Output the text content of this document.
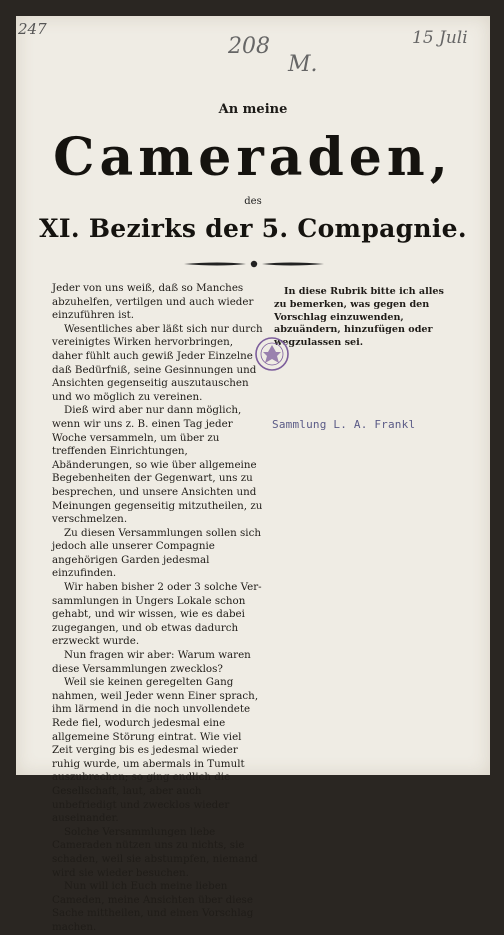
247
208
M.
15 Juli
An meine
Cameraden,
des
XI. Bezirks der 5. Compagnie.

Jeder von uns weiß, daß so Manches abzuhelfen, vertilgen und auch wieder einzuführen ist.

Wesentliches aber läßt sich nur durch vereinigtes Wirken hervorbringen, daher fühlt auch gewiß Jeder Einzelne daß Bedürfniß, seine Gesinnungen und Ansichten gegenseitig auszutauschen und wo möglich zu vereinen.

Dieß wird aber nur dann möglich, wenn wir uns z. B. einen Tag jeder Woche versammeln, um über zu treffenden Einrichtungen, Abänderungen, so wie über allgemeine Begebenheiten der Gegenwart, uns zu besprechen, und unsere Ansichten und Meinungen gegenseitig mitzutheilen, zu verschmelzen.

Zu diesen Versammlungen sollen sich jedoch alle unserer Compagnie angehörigen Garden jedesmal einzufinden.

Wir haben bisher 2 oder 3 solche Versammlungen in Ungers Lokale schon gehabt, und wir wissen, wie es dabei zugegangen, und ob etwas dadurch erzweckt wurde.

Nun fragen wir aber: Warum waren diese Versammlungen zwecklos?

Weil sie keinen geregelten Gang nahmen, weil Jeder wenn Einer sprach, ihm lärmend in die noch unvollendete Rede fiel, wodurch jedesmal eine allgemeine Störung eintrat. Wie viel Zeit verging bis es jedesmal wieder ruhig wurde, um abermals in Tumult auszubrechen; so ging endlich die Gesellschaft, laut, aber auch unbefriedigt und zwecklos wieder auseinander.

Solche Versammlungen liebe Cameraden nützen uns zu nichts, sie schaden, weil sie abstumpfen, niemand wird sie wieder besuchen.

Nun will ich Euch meine lieben Cameden, meine Ansichten über diese Sache mittheilen, und einen Vorschlag machen.

In diese Rubrik bitte ich alles zu bemerken, was gegen den Vorschlag einzuwenden, abzuändern, hinzufügen oder wegzulassen sei.
Sammlung L. A. Frankl
